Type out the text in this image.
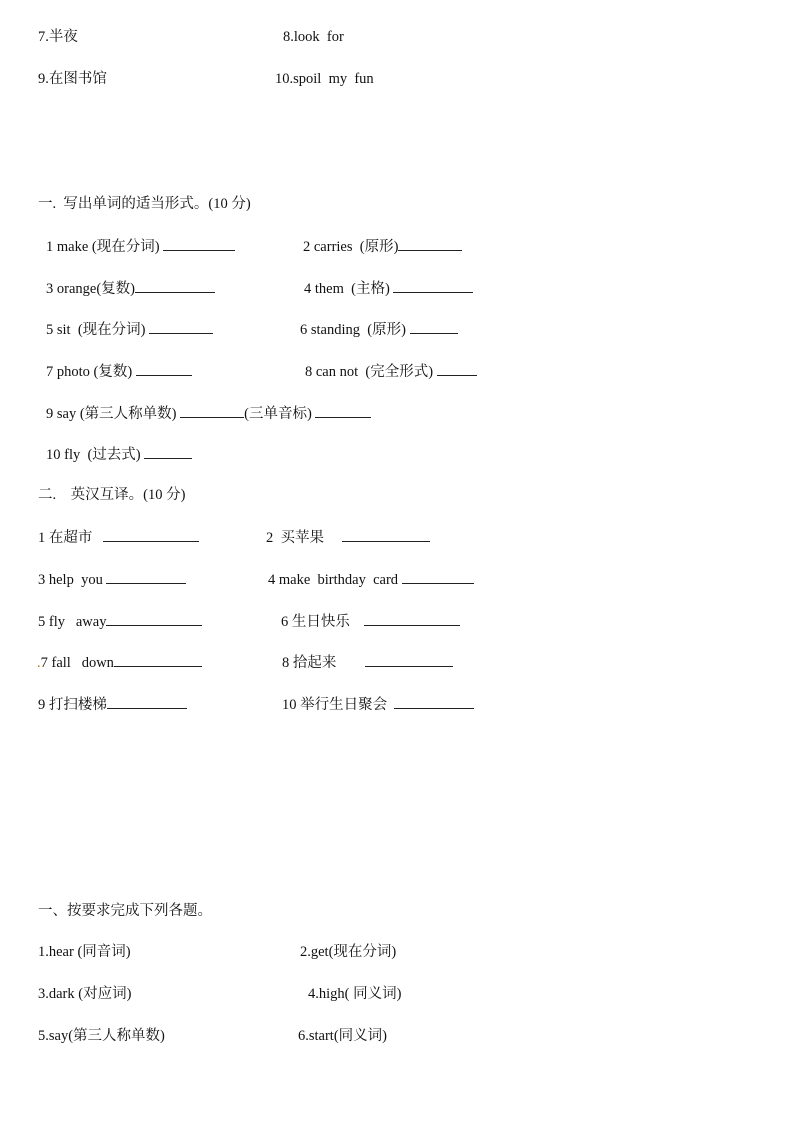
7.半夜	8.look  for
9.在图书馆	10.spoil  my  fun
一.  写出单词的适当形式。(10 分)
1 make (现在分词)	2 carries  (原形)
3 orange(复数)	4 them  (主格)
5 sit  (现在分词)	6 standing  (原形)
7 photo (复数)	8 can not  (完全形式)
9 say (第三人称单数)	(三单音标)
10 fly  (过去式)
二.    英汉互译。(10 分)
1 在超市	2  买苹果
3 help  you	4 make  birthday  card
5 fly   away	6 生日快乐
.7 fall   down	8 拾起来
9 打扫楼梯	10 举行生日聚会
一、按要求完成下列各题。
1.hear (同音词)	2.get(现在分词)
3.dark (对应词)	4.high( 同义词)
5.say(第三人称单数)	6.start(同义词)
